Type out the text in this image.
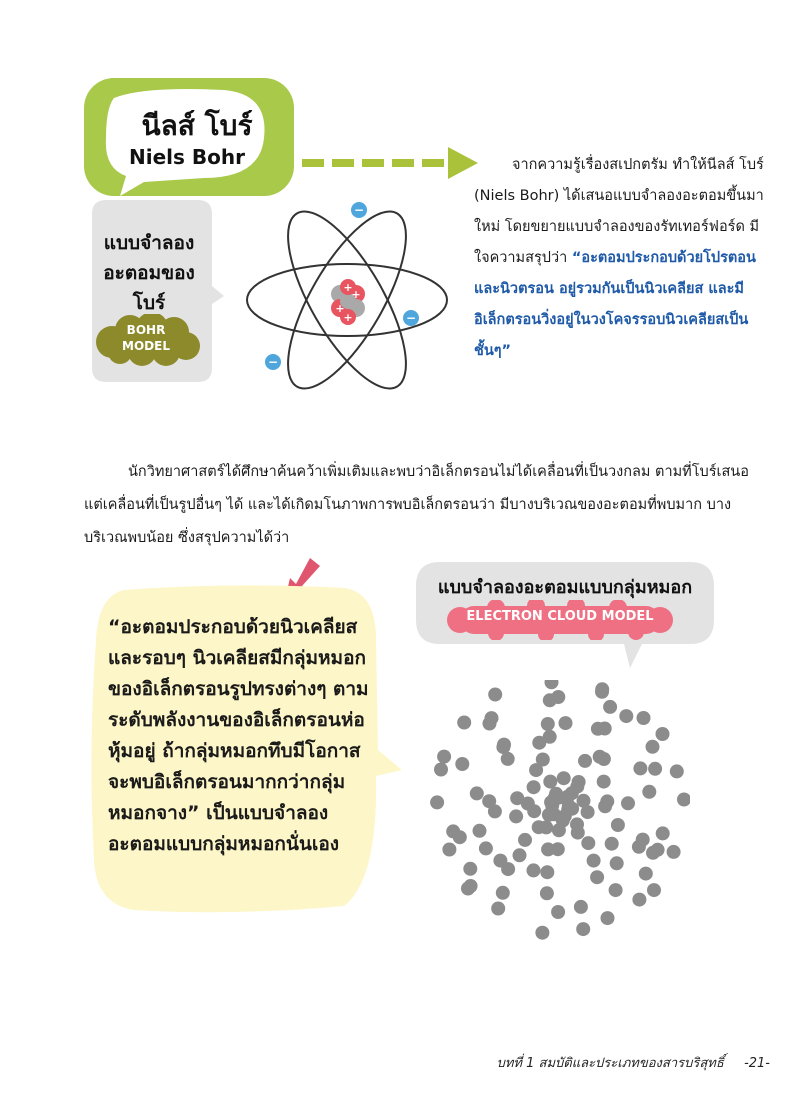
นีลส์ โบร์
Niels Bohr
แบบจำลอง
อะตอมของ
โบร์
BOHR
MODEL
+
+
+
+
−
−
−
จากความรู้เรื่องสเปกตรัม ทำให้นีลส์ โบร์ (Niels Bohr) ได้เสนอแบบจำลองอะตอมขึ้นมาใหม่ โดยขยายแบบจำลองของรัทเทอร์ฟอร์ด มีใจความสรุปว่า “อะตอมประกอบด้วยโปรตอนและนิวตรอน อยู่รวมกันเป็นนิวเคลียส และมีอิเล็กตรอนวิ่งอยู่ในวงโคจรรอบนิวเคลียสเป็นชั้นๆ”
นักวิทยาศาสตร์ได้ศึกษาค้นคว้าเพิ่มเติมและพบว่าอิเล็กตรอนไม่ได้เคลื่อนที่เป็นวงกลม ตามที่โบร์เสนอ แต่เคลื่อนที่เป็นรูปอื่นๆ ได้ และได้เกิดมโนภาพการพบอิเล็กตรอนว่า มีบางบริเวณของอะตอมที่พบมาก บางบริเวณพบน้อย ซึ่งสรุปความได้ว่า
“อะตอมประกอบด้วยนิวเคลียส และรอบๆ นิวเคลียสมีกลุ่มหมอกของอิเล็กตรอนรูปทรงต่างๆ ตามระดับพลังงานของอิเล็กตรอนห่อหุ้มอยู่ ถ้ากลุ่มหมอกทึบมีโอกาสจะพบอิเล็กตรอนมากกว่ากลุ่มหมอกจาง” เป็นแบบจำลองอะตอมแบบกลุ่มหมอกนั่นเอง
แบบจำลองอะตอมแบบกลุ่มหมอก
ELECTRON CLOUD MODEL
บทที่ 1 สมบัติและประเภทของสารบริสุทธิ์ -21-
